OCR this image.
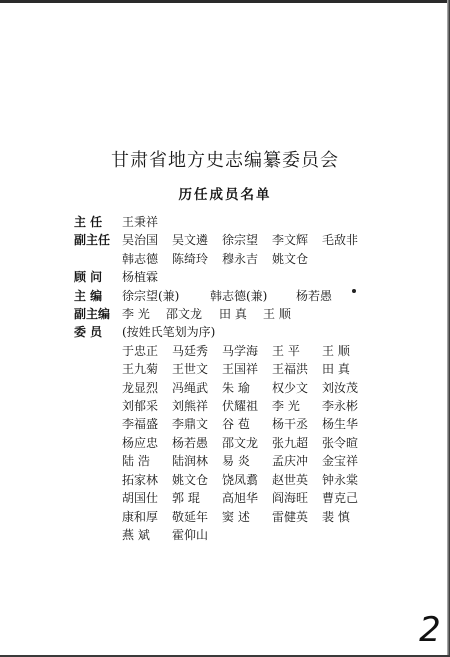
甘肃省地方史志编纂委员会
历任成员名单
主 任	王秉祥
副主任 吴治国	吴文遴	徐宗望	李文辉	毛敌非
韩志德	陈绮玲	穆永吉	姚文仓
顾 问	杨植霖
主 编	徐宗望(兼)	韩志德(兼)	杨若愚
副主编 李 光	邵文龙	田 真	王 顺
委 员	(按姓氏笔划为序)
于忠正	马廷秀	马学海	王 平	王 顺
王九菊	王世文	王国祥	王福洪	田 真
龙显烈	冯绳武	朱 瑜	权少文	刘汝茂
刘郁采	刘熊祥	伏耀祖	李 光	李永彬
李福盛	李鼎文	谷 苞	杨干丞	杨生华
杨应忠	杨若愚	邵文龙	张九超	张令暄
陆 浩	陆润林	易 炎	孟庆冲	金宝祥
拓家林	姚文仓	饶凤翥	赵世英	钟永棠
胡国仕	郭 琨	高旭华	阎海旺	曹克己
康和厚	敬延年	窦 述	雷健英	裴 慎
燕 斌	霍仰山
2
